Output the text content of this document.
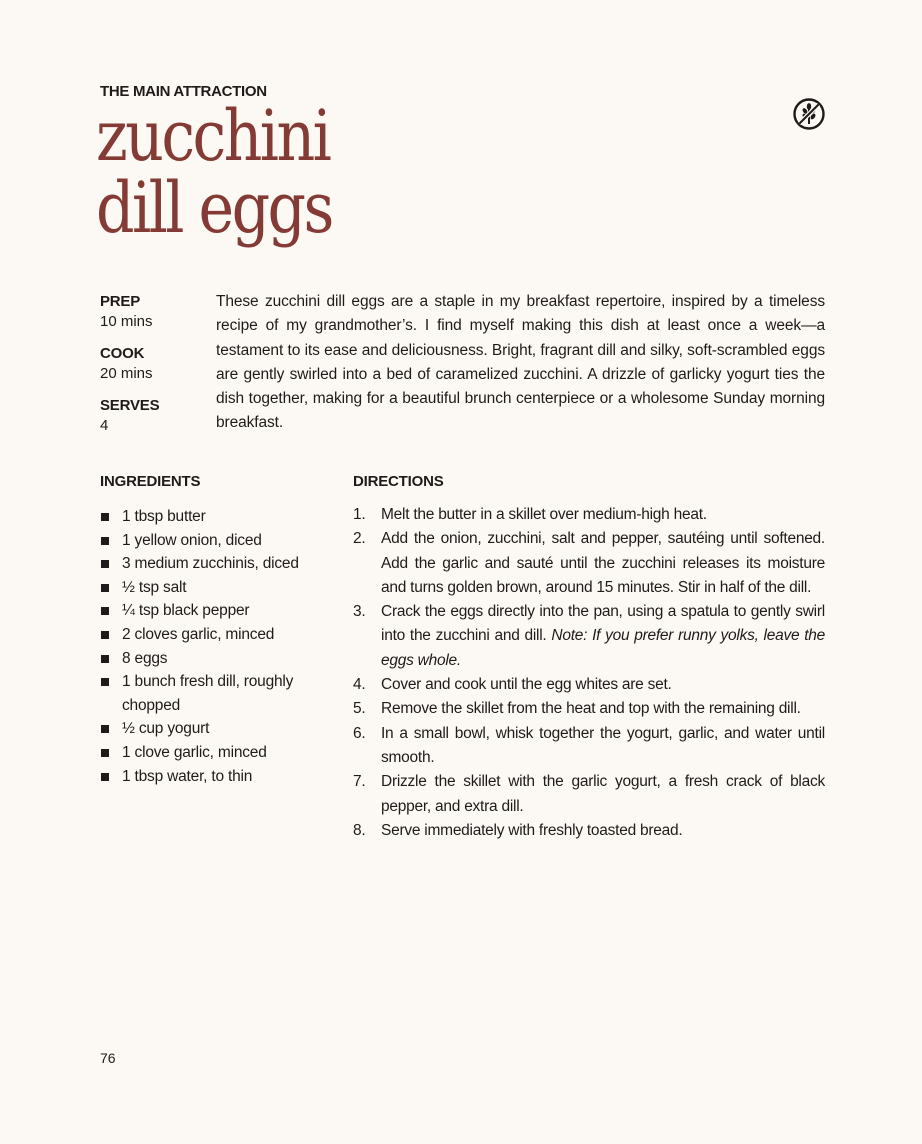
THE MAIN ATTRACTION
zucchini
dill eggs
PREP
10 mins
COOK
20 mins
SERVES
4

These zucchini dill eggs are a staple in my breakfast repertoire, inspired by a timeless recipe of my grandmother’s. I find myself making this dish at least once a week—a testament to its ease and deliciousness. Bright, fragrant dill and silky, soft-scrambled eggs are gently swirled into a bed of caramelized zucchini. A drizzle of garlicky yogurt ties the dish together, making for a beautiful brunch centerpiece or a wholesome Sunday morning breakfast.

INGREDIENTS	DIRECTIONS
1 tbsp butter
1 yellow onion, diced
3 medium zucchinis, diced
½ tsp salt
¼ tsp black pepper
2 cloves garlic, minced
8 eggs
1 bunch fresh dill, roughly chopped
½ cup yogurt
1 clove garlic, minced
1 tbsp water, to thin
1. Melt the butter in a skillet over medium-high heat.
2. Add the onion, zucchini, salt and pepper, sautéing until softened. Add the garlic and sauté until the zucchini releases its moisture and turns golden brown, around 15 minutes. Stir in half of the dill.
3. Crack the eggs directly into the pan, using a spatula to gently swirl into the zucchini and dill. Note: If you prefer runny yolks, leave the eggs whole.
4. Cover and cook until the egg whites are set.
5. Remove the skillet from the heat and top with the remaining dill.
6. In a small bowl, whisk together the yogurt, garlic, and water until smooth.
7. Drizzle the skillet with the garlic yogurt, a fresh crack of black pepper, and extra dill.
8. Serve immediately with freshly toasted bread.
76
